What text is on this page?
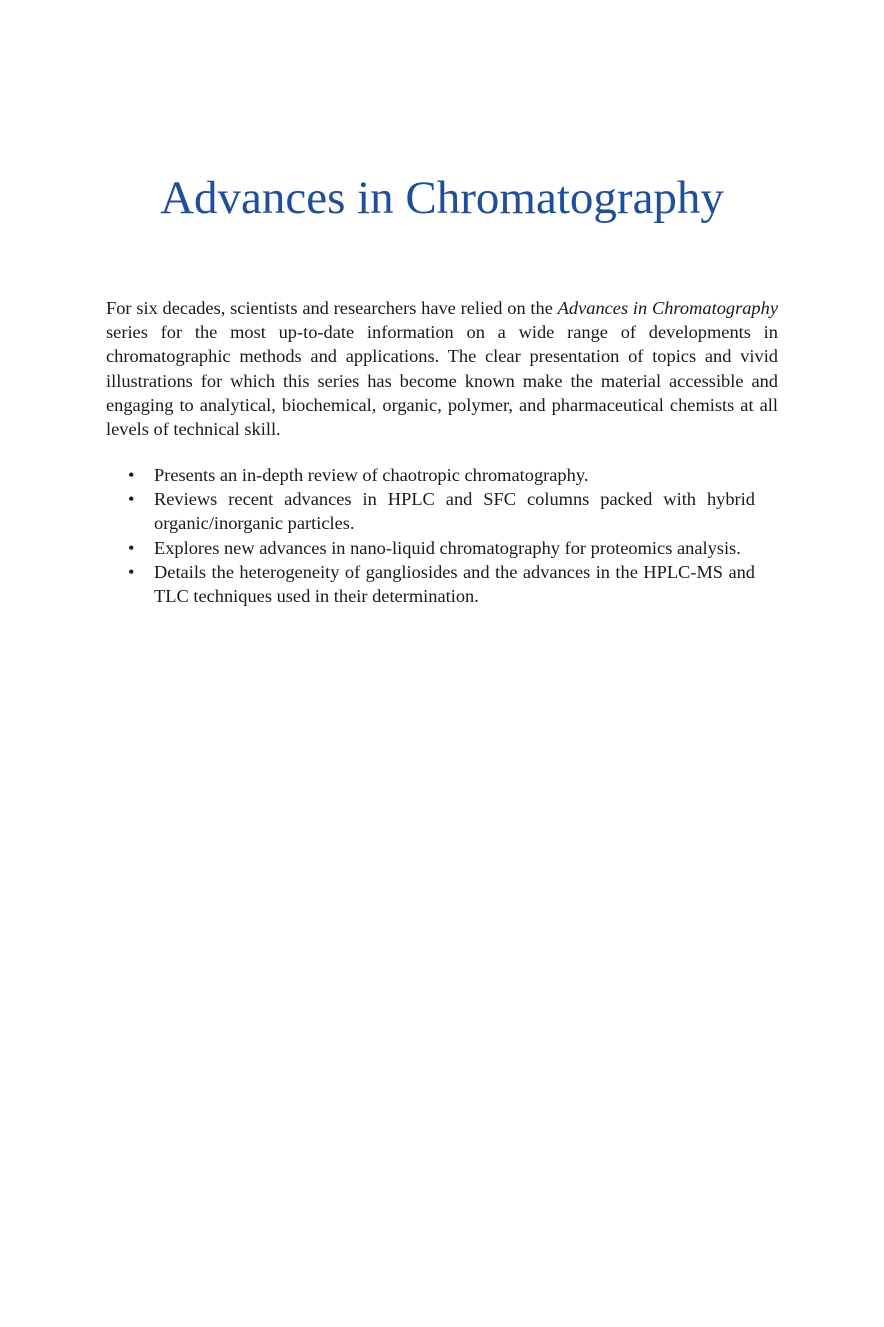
Advances in Chromatography

For six decades, scientists and researchers have relied on the Advances in Chromatography series for the most up-to-date information on a wide range of developments in chromatographic methods and applications. The clear presentation of topics and vivid illustrations for which this series has become known make the material accessible and engaging to analytical, biochemical, organic, polymer, and pharmaceutical chemists at all levels of technical skill.

• Presents an in-depth review of chaotropic chromatography.
• Reviews recent advances in HPLC and SFC columns packed with hybrid organic/inorganic particles.
• Explores new advances in nano-liquid chromatography for proteomics analysis.
• Details the heterogeneity of gangliosides and the advances in the HPLC-MS and TLC techniques used in their determination.
